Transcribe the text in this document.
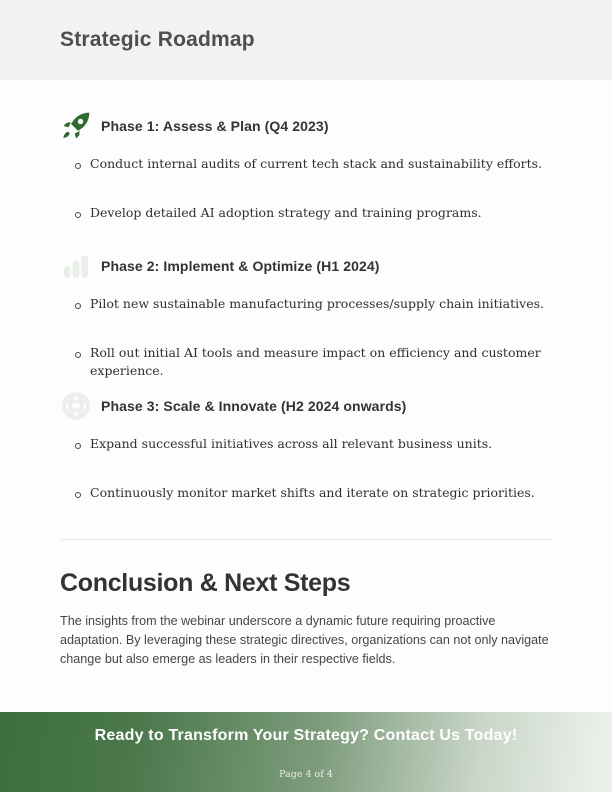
Strategic Roadmap
Phase 1: Assess & Plan (Q4 2023)
Conduct internal audits of current tech stack and sustainability efforts.
Develop detailed AI adoption strategy and training programs.
Phase 2: Implement & Optimize (H1 2024)
Pilot new sustainable manufacturing processes/supply chain initiatives.
Roll out initial AI tools and measure impact on efficiency and customer experience.
Phase 3: Scale & Innovate (H2 2024 onwards)
Expand successful initiatives across all relevant business units.
Continuously monitor market shifts and iterate on strategic priorities.
Conclusion & Next Steps

The insights from the webinar underscore a dynamic future requiring proactive adaptation. By leveraging these strategic directives, organizations can not only navigate change but also emerge as leaders in their respective fields.

Ready to Transform Your Strategy? Contact Us Today!
Page 4 of 4
